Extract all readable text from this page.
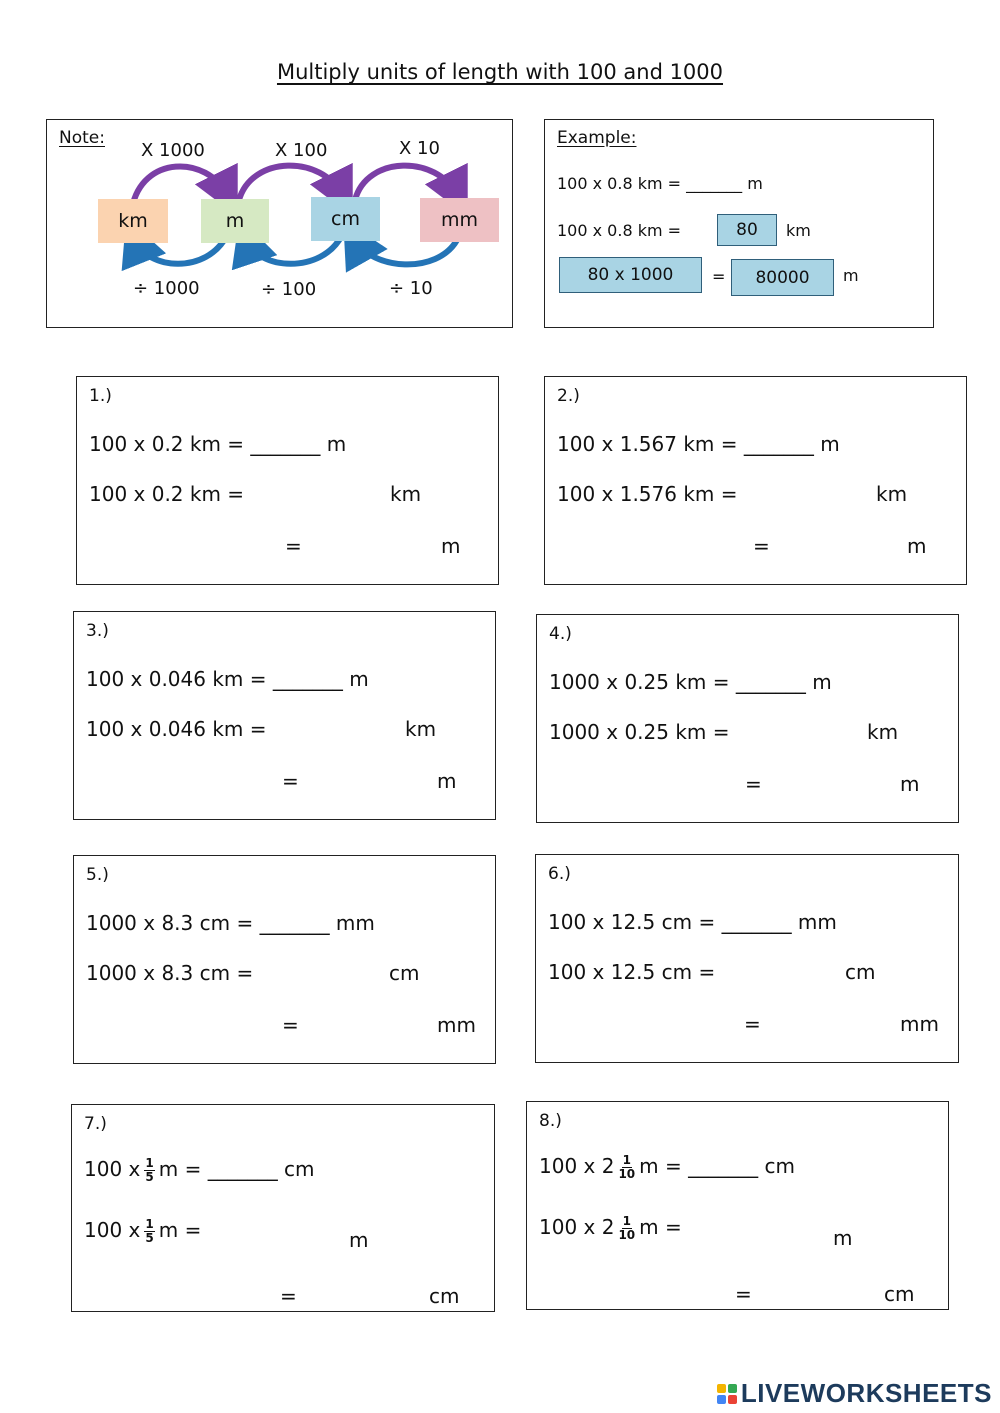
Multiply units of length with 100 and 1000
Note:
km	m	cm	mm
X 1000	X 100	X 10
÷ 1000	÷ 100	÷ 10
Example:
100 x 0.8 km = _______ m
100 x 0.8 km =	80	km
80 x 1000	=	80000	m
1.)
100 x 0.2 km = _______ m
100 x 0.2 km =	km
=	m
2.)
100 x 1.567 km = _______ m
100 x 1.576 km =	km
=	m
3.)
100 x 0.046 km = _______ m
100 x 0.046 km =	km
=	m
4.)
1000 x 0.25 km = _______ m
1000 x 0.25 km =	km
=	m
5.)
1000 x 8.3 cm = _______ mm
1000 x 8.3 cm =	cm
=	mm
6.)
100 x 12.5 cm = _______ mm
100 x 12.5 cm =	cm
=	mm
7.)
100 x $\frac{1}{5}$ m = _______ cm
100 x $\frac{1}{5}$ m =	m
=	cm
8.)
100 x $2 \frac{1}{10}$ m = _______ cm
100 x $2 \frac{1}{10}$ m =	m
=	cm
LIVEWORKSHEETS
